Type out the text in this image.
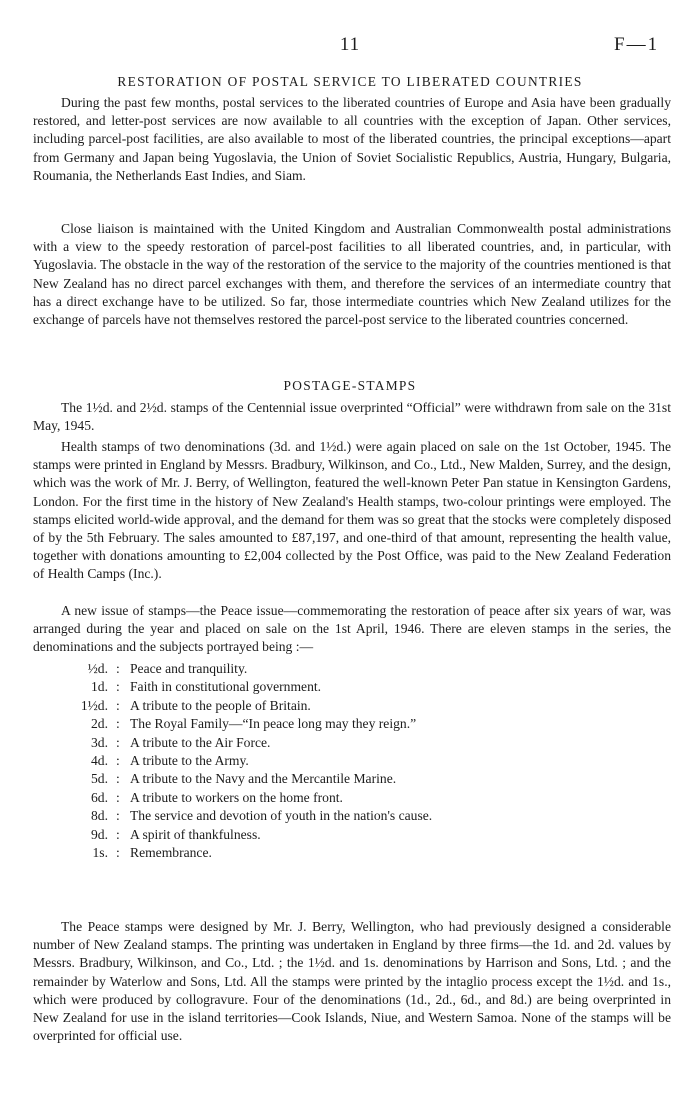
11	F—1
RESTORATION OF POSTAL SERVICE TO LIBERATED COUNTRIES

During the past few months, postal services to the liberated countries of Europe and Asia have been gradually restored, and letter-post services are now available to all countries with the exception of Japan. Other services, including parcel-post facilities, are also available to most of the liberated countries, the principal exceptions—apart from Germany and Japan being Yugoslavia, the Union of Soviet Socialistic Republics, Austria, Hungary, Bulgaria, Roumania, the Netherlands East Indies, and Siam.

Close liaison is maintained with the United Kingdom and Australian Commonwealth postal administrations with a view to the speedy restoration of parcel-post facilities to all liberated countries, and, in particular, with Yugoslavia. The obstacle in the way of the restoration of the service to the majority of the countries mentioned is that New Zealand has no direct parcel exchanges with them, and therefore the services of an intermediate country that has a direct exchange have to be utilized. So far, those intermediate countries which New Zealand utilizes for the exchange of parcels have not themselves restored the parcel-post service to the liberated countries concerned.

POSTAGE-STAMPS

The 1½d. and 2½d. stamps of the Centennial issue overprinted “Official” were withdrawn from sale on the 31st May, 1945.

Health stamps of two denominations (3d. and 1½d.) were again placed on sale on the 1st October, 1945. The stamps were printed in England by Messrs. Bradbury, Wilkinson, and Co., Ltd., New Malden, Surrey, and the design, which was the work of Mr. J. Berry, of Wellington, featured the well-known Peter Pan statue in Kensington Gardens, London. For the first time in the history of New Zealand's Health stamps, two-colour printings were employed. The stamps elicited world-wide approval, and the demand for them was so great that the stocks were completely disposed of by the 5th February. The sales amounted to £87,197, and one-third of that amount, representing the health value, together with donations amounting to £2,004 collected by the Post Office, was paid to the New Zealand Federation of Health Camps (Inc.).

A new issue of stamps—the Peace issue—commemorating the restoration of peace after six years of war, was arranged during the year and placed on sale on the 1st April, 1946. There are eleven stamps in the series, the denominations and the subjects portrayed being :—

½d. : Peace and tranquility.
1d. : Faith in constitutional government.
1½d. : A tribute to the people of Britain.
2d. : The Royal Family—“In peace long may they reign.”
3d. : A tribute to the Air Force.
4d. : A tribute to the Army.
5d. : A tribute to the Navy and the Mercantile Marine.
6d. : A tribute to workers on the home front.
8d. : The service and devotion of youth in the nation's cause.
9d. : A spirit of thankfulness.
1s. : Remembrance.

The Peace stamps were designed by Mr. J. Berry, Wellington, who had previously designed a considerable number of New Zealand stamps. The printing was undertaken in England by three firms—the 1d. and 2d. values by Messrs. Bradbury, Wilkinson, and Co., Ltd. ; the 1½d. and 1s. denominations by Harrison and Sons, Ltd. ; and the remainder by Waterlow and Sons, Ltd. All the stamps were printed by the intaglio process except the 1½d. and 1s., which were produced by collogravure. Four of the denominations (1d., 2d., 6d., and 8d.) are being overprinted in New Zealand for use in the island territories—Cook Islands, Niue, and Western Samoa. None of the stamps will be overprinted for official use.
